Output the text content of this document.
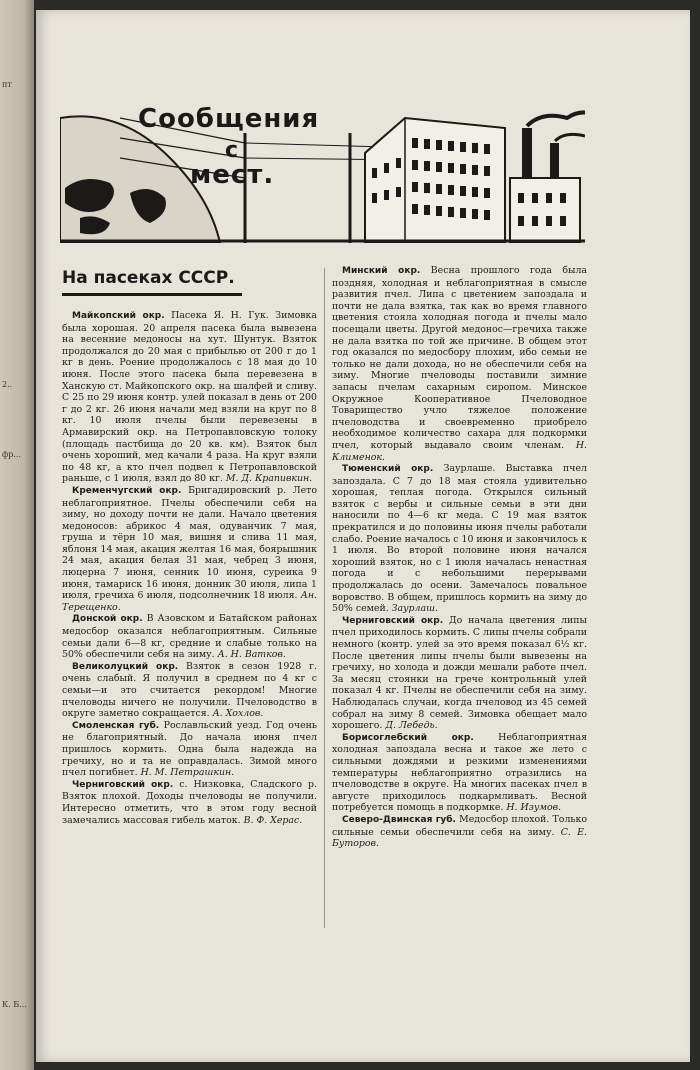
пт
2..
фр...
К. Б...
Сообщения
с
мест.
На пасеках СССР.

Майкопский окр. Пасека Я. Н. Гук. Зимовка была хорошая. 20 апреля пасека была вывезена на весенние медоносы на хут. Шунтук. Взяток продолжался до 20 мая с прибылью от 200 г до 1 кг в день. Роение продолжалось с 18 мая до 10 июня. После этого пасека была перевезена в Ханскую ст. Майкопского окр. на шалфей и сливу. С 25 по 29 июня контр. улей показал в день от 200 г до 2 кг. 26 июня начали мед взяли на круг по 8 кг. 10 июля пчелы были перевезены в Армавирский окр. на Петропавловскую толоку (площадь пастбища до 20 кв. км). Взяток был очень хороший, мед качали 4 раза. На круг взяли по 48 кг, а кто пчел подвел к Петропавловской раньше, с 1 июля, взял до 80 кг. М. Д. Крапивкин.

Кременчугский окр. Бригадировский р. Лето неблагоприятное. Пчелы обеспечили себя на зиму, но доходу почти не дали. Начало цветения медоносов: абрикос 4 мая, одуванчик 7 мая, груша и тёрн 10 мая, вишня и слива 11 мая, яблоня 14 мая, акация желтая 16 мая, боярышник 24 мая, акация белая 31 мая, чебрец 3 июня, люцерна 7 июня, сенник 10 июня, суреика 9 июня, тамариск 16 июня, донник 30 июля, липа 1 июля, гречиха 6 июля, подсолнечник 18 июля. Ан. Терещенко.

Донской окр. В Азовском и Батайском районах медосбор оказался неблагоприятным. Сильные семьи дали 6—8 кг, средние и слабые только на 50% обеспечили себя на зиму. А. Н. Ватков.

Великолуцкий окр. Взяток в сезон 1928 г. очень слабый. Я получил в среднем по 4 кг с семьи—и это считается рекордом! Многие пчеловоды ничего не получили. Пчеловодство в округе заметно сокращается. А. Хохлов.

Смоленская губ. Рославльский уезд. Год очень не благоприятный. До начала июня пчел пришлось кормить. Одна была надежда на гречиху, но и та не оправдалась. Зимой много пчел погибнет. Н. М. Петрашкин.

Черниговский окр. с. Низковка, Сладского р. Взяток плохой. Доходы пчеловоды не получили. Интересно отметить, что в этом году весной замечались массовая гибель маток. В. Ф. Херас.

Минский окр. Весна прошлого года была поздняя, холодная и неблагоприятная в смысле развития пчел. Липа с цветением запоздала и почти не дала взятка, так как во время главного цветения стояла холодная погода и пчелы мало посещали цветы. Другой медонос—гречиха также не дала взятка по той же причине. В общем этот год оказался по медосбору плохим, ибо семьи не только не дали дохода, но не обеспечили себя на зиму. Многие пчеловоды поставили зимние запасы пчелам сахарным сиропом. Минское Окружное Кооперативное Пчеловодное Товарищество учло тяжелое положение пчеловодства и своевременно приобрело необходимое количество сахара для подкормки пчел, который выдавало своим членам. Н. Клименок.

Тюменский окр. Заурлаше. Выставка пчел запоздала. С 7 до 18 мая стояла удивительно хорошая, теплая погода. Открылся сильный взяток с вербы и сильные семьи в эти дни наносили по 4—6 кг меда. С 19 мая взяток прекратился и до половины июня пчелы работали слабо. Роение началось с 10 июня и закончилось к 1 июля. Во второй половине июня начался хороший взяток, но с 1 июля началась ненастная погода и с небольшими перерывами продолжалась до осени. Замечалось повальное воровство. В общем, пришлось кормить на зиму до 50% семей. Заурлаш.

Черниговский окр. До начала цветения липы пчел приходилось кормить. С липы пчелы собрали немного (контр. улей за это время показал 6½ кг. После цветения липы пчелы были вывезены на гречиху, но холода и дожди мешали работе пчел. За месяц стоянки на грече контрольный улей показал 4 кг. Пчелы не обеспечили себя на зиму. Наблюдалась случаи, когда пчеловод из 45 семей собрал на зиму 8 семей. Зимовка обещает мало хорошего. Д. Лебедь.

Борисоглебский окр. Неблагоприятная холодная запоздала весна и такое же лето с сильными дождями и резкими изменениями температуры неблагоприятно отразились на пчеловодстве в округе. На многих пасеках пчел в августе приходилось подкармливать. Весной потребуется помощь в подкормке. Н. Изумов.

Северо-Двинская губ. Медосбор плохой. Только сильные семьи обеспечили себя на зиму. С. Е. Буторов.
